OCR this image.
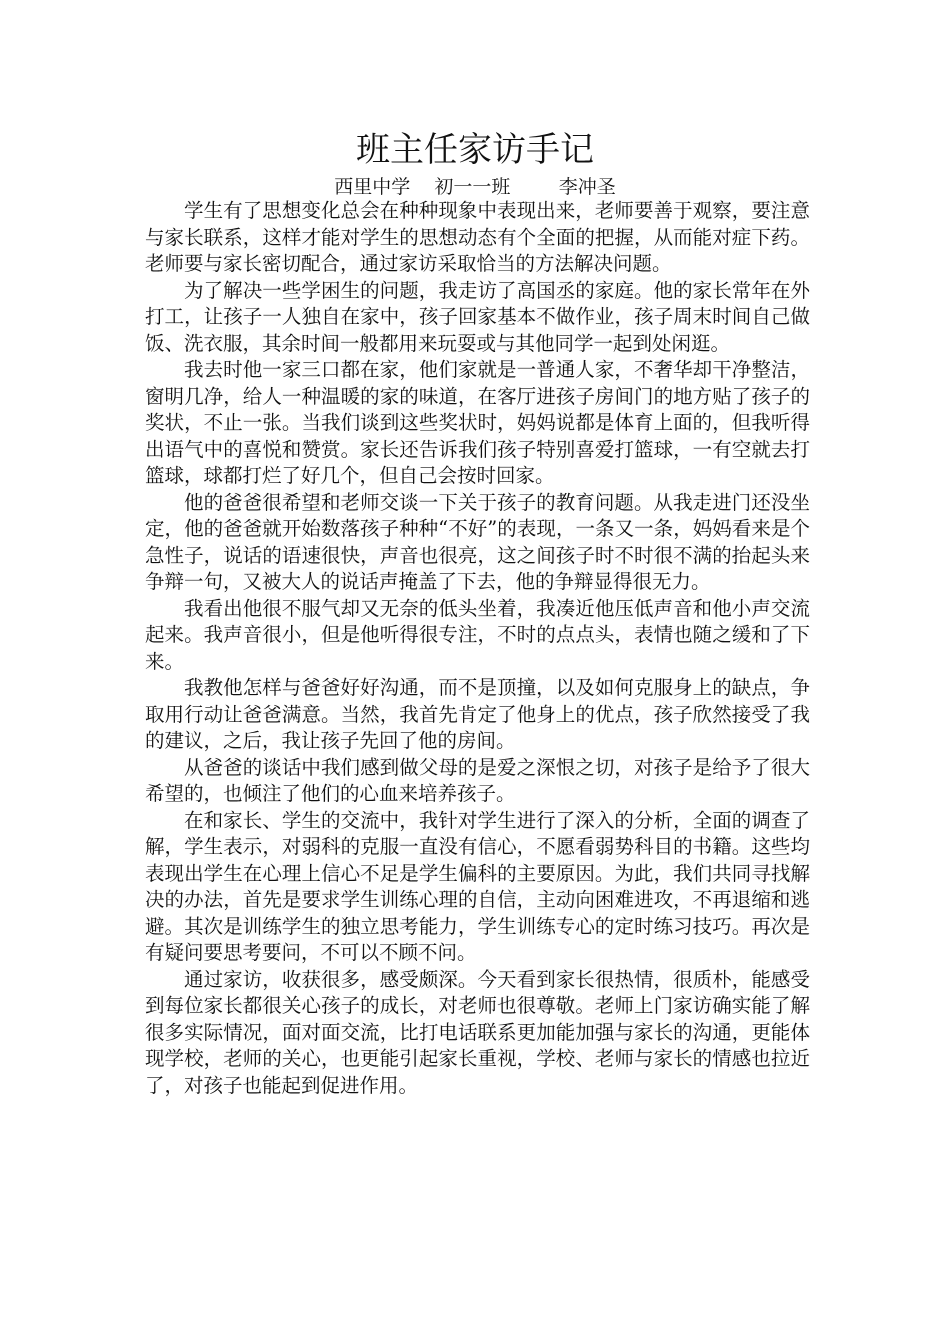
班主任家访手记
西里中学    初一一班        李冲圣

学生有了思想变化总会在种种现象中表现出来，老师要善于观察，要注意与家长联系，这样才能对学生的思想动态有个全面的把握，从而能对症下药。老师要与家长密切配合，通过家访采取恰当的方法解决问题。

为了解决一些学困生的问题，我走访了高国丞的家庭。他的家长常年在外打工，让孩子一人独自在家中，孩子回家基本不做作业，孩子周末时间自己做饭、洗衣服，其余时间一般都用来玩耍或与其他同学一起到处闲逛。

我去时他一家三口都在家，他们家就是一普通人家，不奢华却干净整洁，窗明几净，给人一种温暖的家的味道，在客厅进孩子房间门的地方贴了孩子的奖状，不止一张。当我们谈到这些奖状时，妈妈说都是体育上面的，但我听得出语气中的喜悦和赞赏。家长还告诉我们孩子特别喜爱打篮球，一有空就去打篮球，球都打烂了好几个，但自己会按时回家。

他的爸爸很希望和老师交谈一下关于孩子的教育问题。从我走进门还没坐定，他的爸爸就开始数落孩子种种“不好”的表现，一条又一条，妈妈看来是个急性子，说话的语速很快，声音也很亮，这之间孩子时不时很不满的抬起头来争辩一句，又被大人的说话声掩盖了下去，他的争辩显得很无力。

我看出他很不服气却又无奈的低头坐着，我凑近他压低声音和他小声交流起来。我声音很小，但是他听得很专注，不时的点点头，表情也随之缓和了下来。

我教他怎样与爸爸好好沟通，而不是顶撞，以及如何克服身上的缺点，争取用行动让爸爸满意。当然，我首先肯定了他身上的优点，孩子欣然接受了我的建议，之后，我让孩子先回了他的房间。

从爸爸的谈话中我们感到做父母的是爱之深恨之切，对孩子是给予了很大希望的，也倾注了他们的心血来培养孩子。

在和家长、学生的交流中，我针对学生进行了深入的分析，全面的调查了解，学生表示，对弱科的克服一直没有信心，不愿看弱势科目的书籍。这些均表现出学生在心理上信心不足是学生偏科的主要原因。为此，我们共同寻找解决的办法，首先是要求学生训练心理的自信，主动向困难进攻，不再退缩和逃避。其次是训练学生的独立思考能力，学生训练专心的定时练习技巧。再次是有疑问要思考要问，不可以不顾不问。

通过家访，收获很多，感受颇深。今天看到家长很热情，很质朴，能感受到每位家长都很关心孩子的成长，对老师也很尊敬。老师上门家访确实能了解很多实际情况，面对面交流，比打电话联系更加能加强与家长的沟通，更能体现学校，老师的关心，也更能引起家长重视，学校、老师与家长的情感也拉近了，对孩子也能起到促进作用。
